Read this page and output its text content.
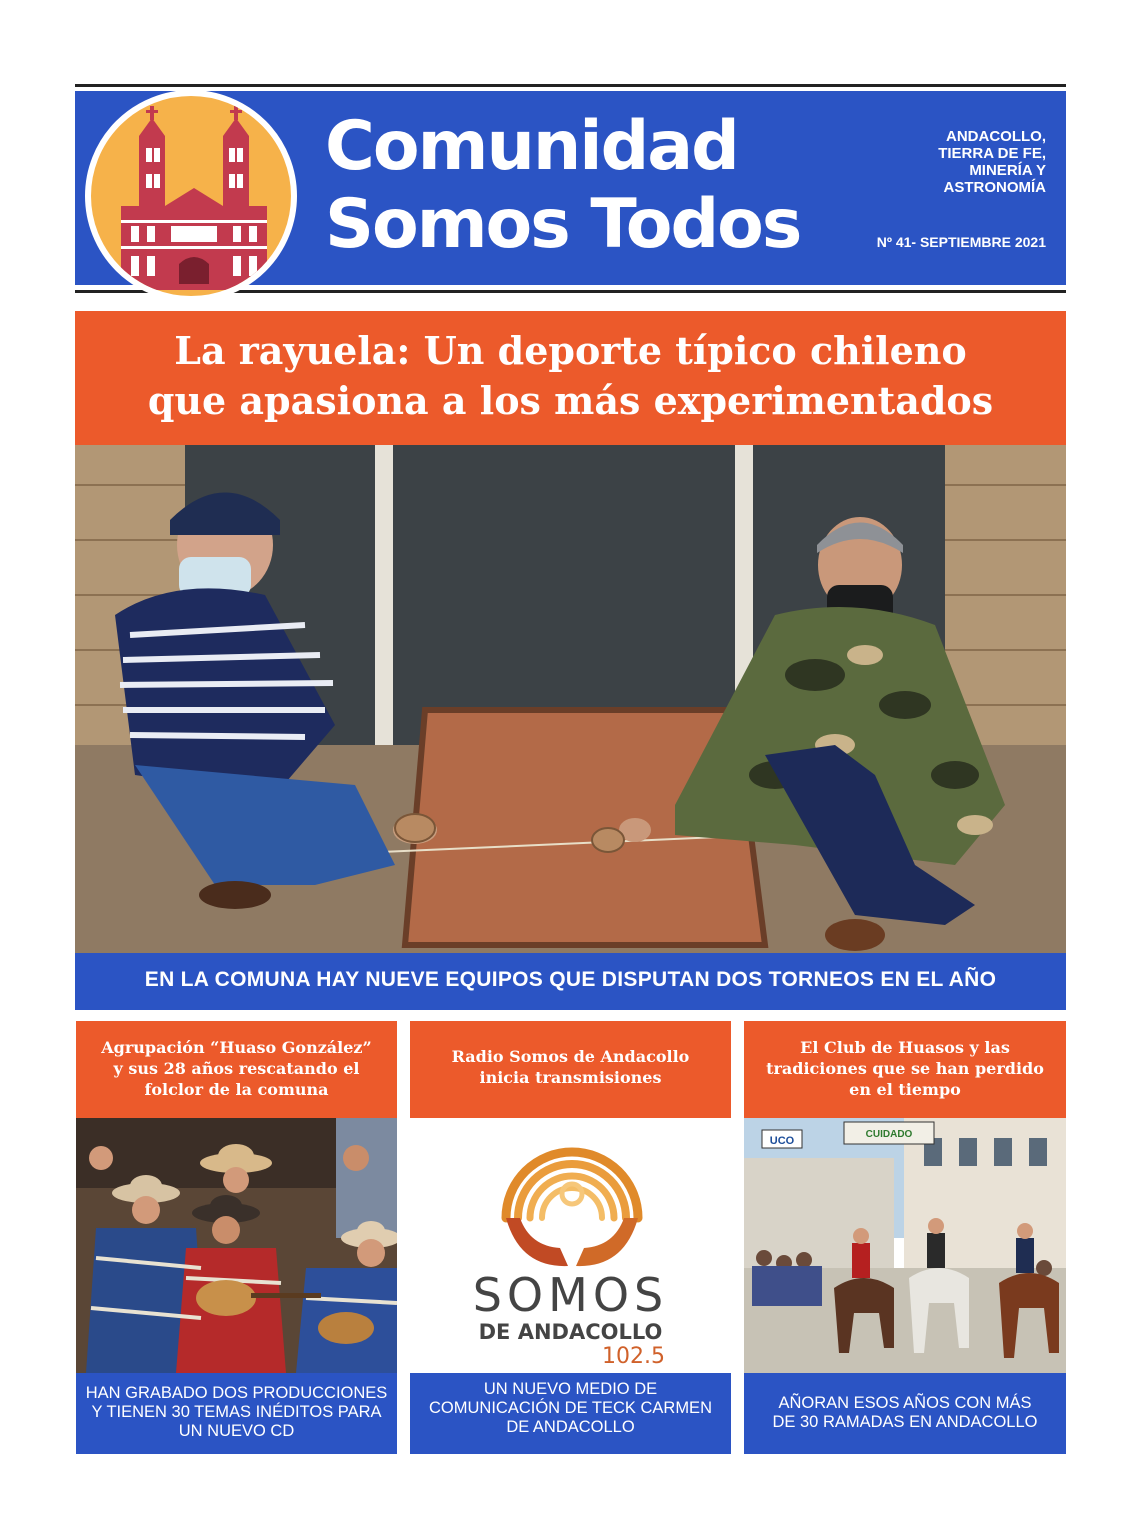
Comunidad
Somos Todos
ANDACOLLO,
TIERRA DE FE,
MINERÍA Y
ASTRONOMÍA
Nº 41- SEPTIEMBRE 2021
La rayuela: Un deporte típico chileno
que apasiona a los más experimentados
EN LA COMUNA HAY NUEVE EQUIPOS QUE DISPUTAN DOS TORNEOS EN EL AÑO
Agrupación “Huaso González”
y sus 28 años rescatando el
folclor de la comuna
HAN GRABADO DOS PRODUCCIONES
Y TIENEN 30 TEMAS INÉDITOS PARA
UN NUEVO CD
Radio Somos de Andacollo
inicia transmisiones
SOMOS
DE ANDACOLLO
102.5
UN NUEVO MEDIO DE
COMUNICACIÓN DE TECK CARMEN
DE ANDACOLLO
El Club de Huasos y las
tradiciones que se han perdido
en el tiempo
UCO
CUIDADO
AÑORAN ESOS AÑOS CON MÁS
DE 30 RAMADAS EN ANDACOLLO
